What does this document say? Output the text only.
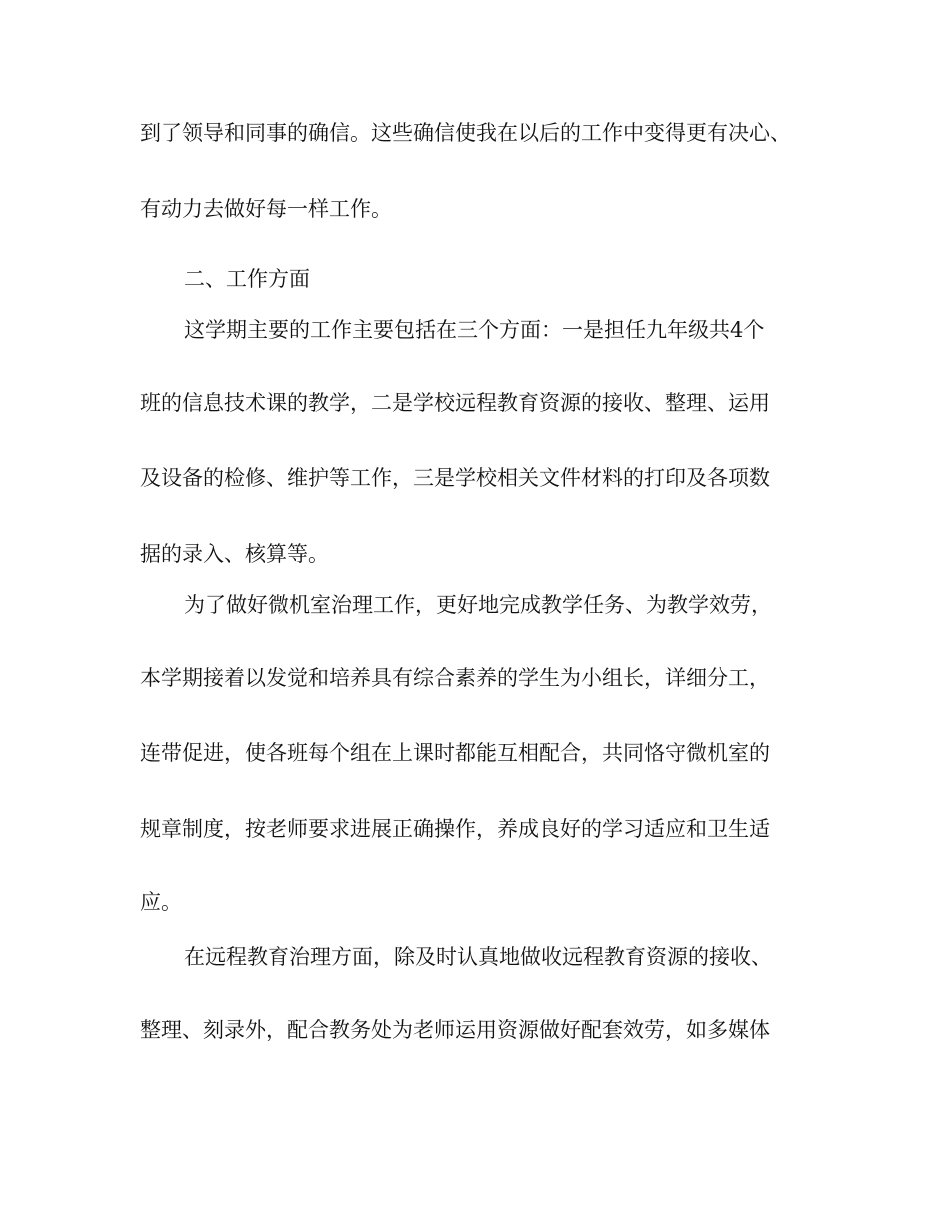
到了领导和同事的确信。这些确信使我在以后的工作中变得更有决心、
有动力去做好每一样工作。
二、工作方面
这学期主要的工作主要包括在三个方面：一是担任九年级共4个
班的信息技术课的教学，二是学校远程教育资源的接收、整理、运用
及设备的检修、维护等工作，三是学校相关文件材料的打印及各项数
据的录入、核算等。
为了做好微机室治理工作，更好地完成教学任务、为教学效劳，
本学期接着以发觉和培养具有综合素养的学生为小组长，详细分工，
连带促进，使各班每个组在上课时都能互相配合，共同恪守微机室的
规章制度，按老师要求进展正确操作，养成良好的学习适应和卫生适
应。
在远程教育治理方面，除及时认真地做收远程教育资源的接收、
整理、刻录外，配合教务处为老师运用资源做好配套效劳，如多媒体
